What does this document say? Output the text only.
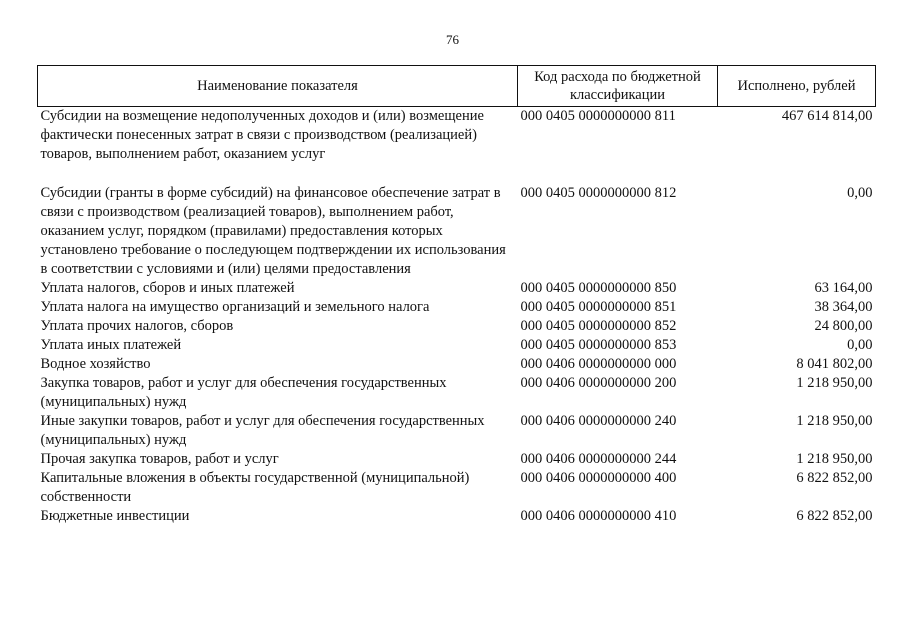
76
Наименование показателя	Код расхода по бюджетной классификации	Исполнено, рублей
Субсидии на возмещение недополученных доходов и (или) возмещение фактически понесенных затрат в связи с производством (реализацией) товаров, выполнением работ, оказанием услуг	000 0405 0000000000 811	467 614 814,00
Субсидии (гранты в форме субсидий) на финансовое обеспечение затрат в связи с производством (реализацией товаров), выполнением работ, оказанием услуг, порядком (правилами) предоставления которых установлено требование о последующем подтверждении их использования в соответствии с условиями и (или) целями предоставления	000 0405 0000000000 812	0,00
Уплата налогов, сборов и иных платежей	000 0405 0000000000 850	63 164,00
Уплата налога на имущество организаций и земельного налога	000 0405 0000000000 851	38 364,00
Уплата прочих налогов, сборов	000 0405 0000000000 852	24 800,00
Уплата иных платежей	000 0405 0000000000 853	0,00
Водное хозяйство	000 0406 0000000000 000	8 041 802,00
Закупка товаров, работ и услуг для обеспечения государственных (муниципальных) нужд	000 0406 0000000000 200	1 218 950,00
Иные закупки товаров, работ и услуг для обеспечения государственных (муниципальных) нужд	000 0406 0000000000 240	1 218 950,00
Прочая закупка товаров, работ и услуг	000 0406 0000000000 244	1 218 950,00
Капитальные вложения в объекты государственной (муниципальной) собственности	000 0406 0000000000 400	6 822 852,00
Бюджетные инвестиции	000 0406 0000000000 410	6 822 852,00
